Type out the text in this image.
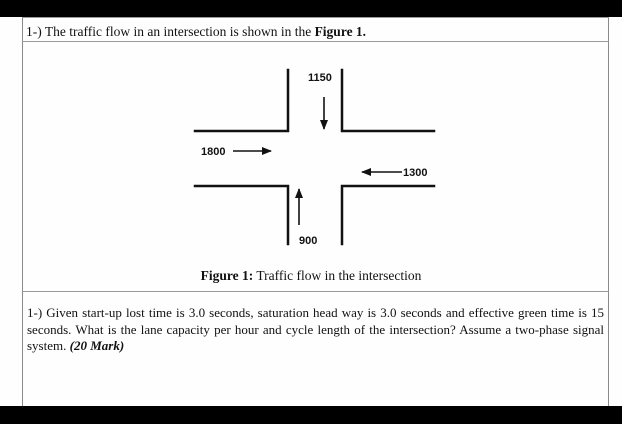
1-) The traffic flow in an intersection is shown in the Figure 1.
1150
1800
1300
900
Figure 1: Traffic flow in the intersection
1-) Given start-up lost time is 3.0 seconds, saturation head way is 3.0 seconds and effective green time is 15 seconds. What is the lane capacity per hour and cycle length of the intersection? Assume a two-phase signal system. (20 Mark)
